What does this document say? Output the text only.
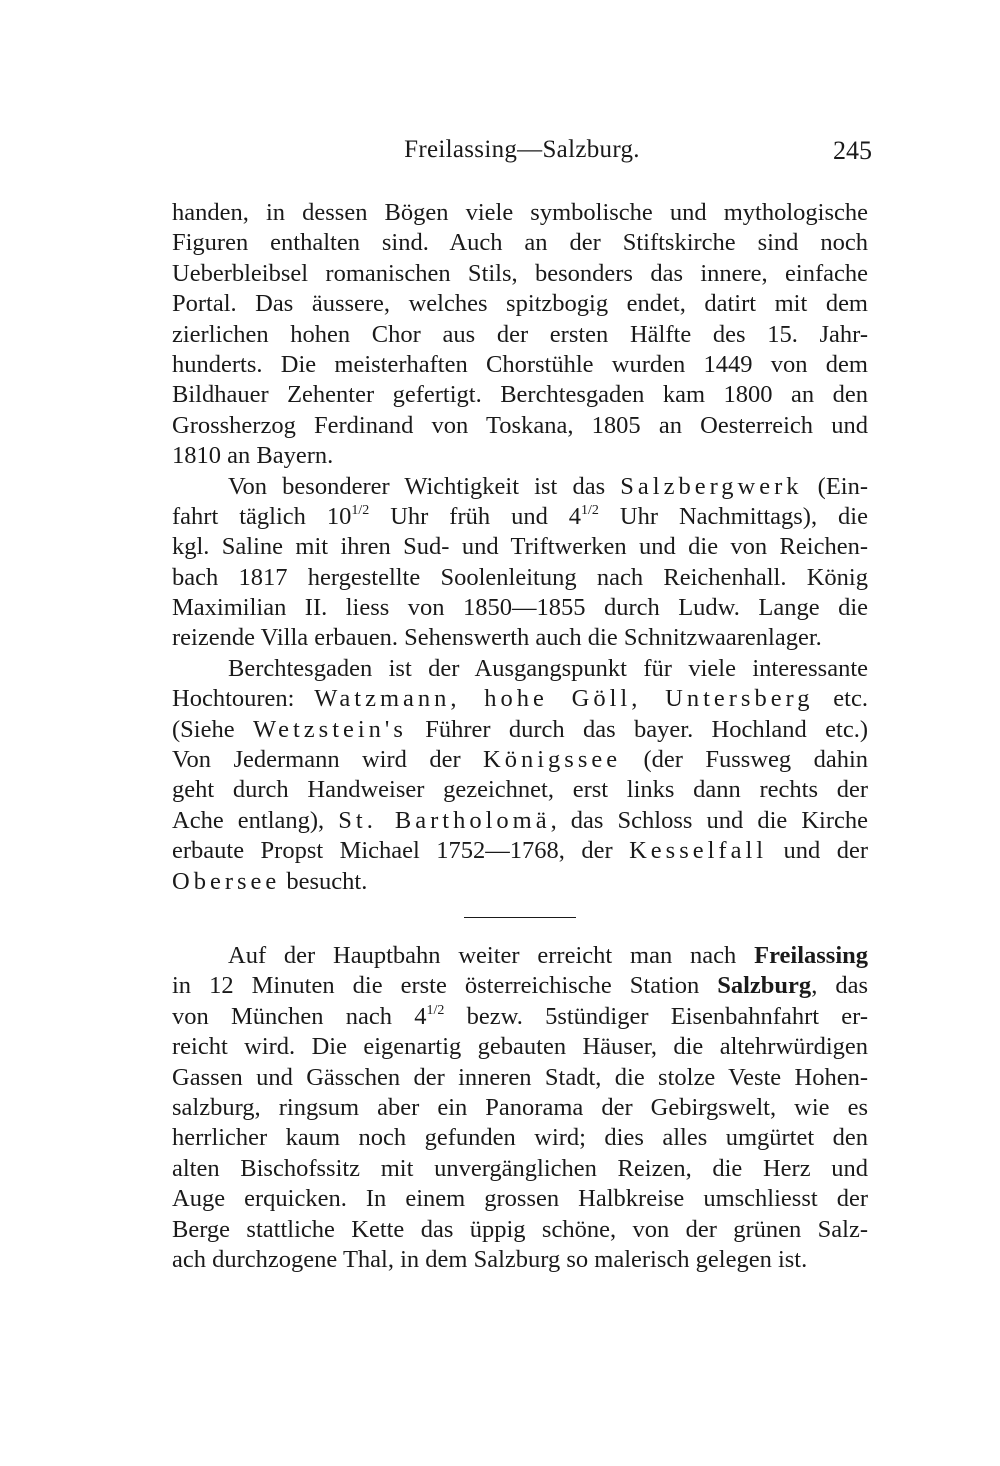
Freilassing—Salzburg.	245
handen, in dessen Bögen viele symbolische und mythologische
Figuren enthalten sind. Auch an der Stiftskirche sind noch
Ueberbleibsel romanischen Stils, besonders das innere, einfache
Portal. Das äussere, welches spitzbogig endet, datirt mit dem
zierlichen hohen Chor aus der ersten Hälfte des 15. Jahr-
hunderts. Die meisterhaften Chorstühle wurden 1449 von dem
Bildhauer Zehenter gefertigt. Berchtesgaden kam 1800 an den
Grossherzog Ferdinand von Toskana, 1805 an Oesterreich und
1810 an Bayern.
Von besonderer Wichtigkeit ist das Salzbergwerk (Ein-
fahrt täglich $10^{1/2}$ Uhr früh und $4^{1/2}$ Uhr Nachmittags), die
kgl. Saline mit ihren Sud- und Triftwerken und die von Reichen-
bach 1817 hergestellte Soolenleitung nach Reichenhall. König
Maximilian II. liess von 1850—1855 durch Ludw. Lange die
reizende Villa erbauen. Sehenswerth auch die Schnitzwaarenlager.
Berchtesgaden ist der Ausgangspunkt für viele interessante
Hochtouren: Watzmann, hohe Göll, Untersberg etc.
(Siehe Wetzstein's Führer durch das bayer. Hochland etc.)
Von Jedermann wird der Königssee (der Fussweg dahin
geht durch Handweiser gezeichnet, erst links dann rechts der
Ache entlang), St. Bartholomä, das Schloss und die Kirche
erbaute Propst Michael 1752—1768, der Kesselfall und der
Obersee besucht.
Auf der Hauptbahn weiter erreicht man nach Freilassing
in 12 Minuten die erste österreichische Station Salzburg, das
von München nach $4^{1/2}$ bezw. 5stündiger Eisenbahnfahrt er-
reicht wird. Die eigenartig gebauten Häuser, die altehrwürdigen
Gassen und Gässchen der inneren Stadt, die stolze Veste Hohen-
salzburg, ringsum aber ein Panorama der Gebirgswelt, wie es
herrlicher kaum noch gefunden wird; dies alles umgürtet den
alten Bischofssitz mit unvergänglichen Reizen, die Herz und
Auge erquicken. In einem grossen Halbkreise umschliesst der
Berge stattliche Kette das üppig schöne, von der grünen Salz-
ach durchzogene Thal, in dem Salzburg so malerisch gelegen ist.
